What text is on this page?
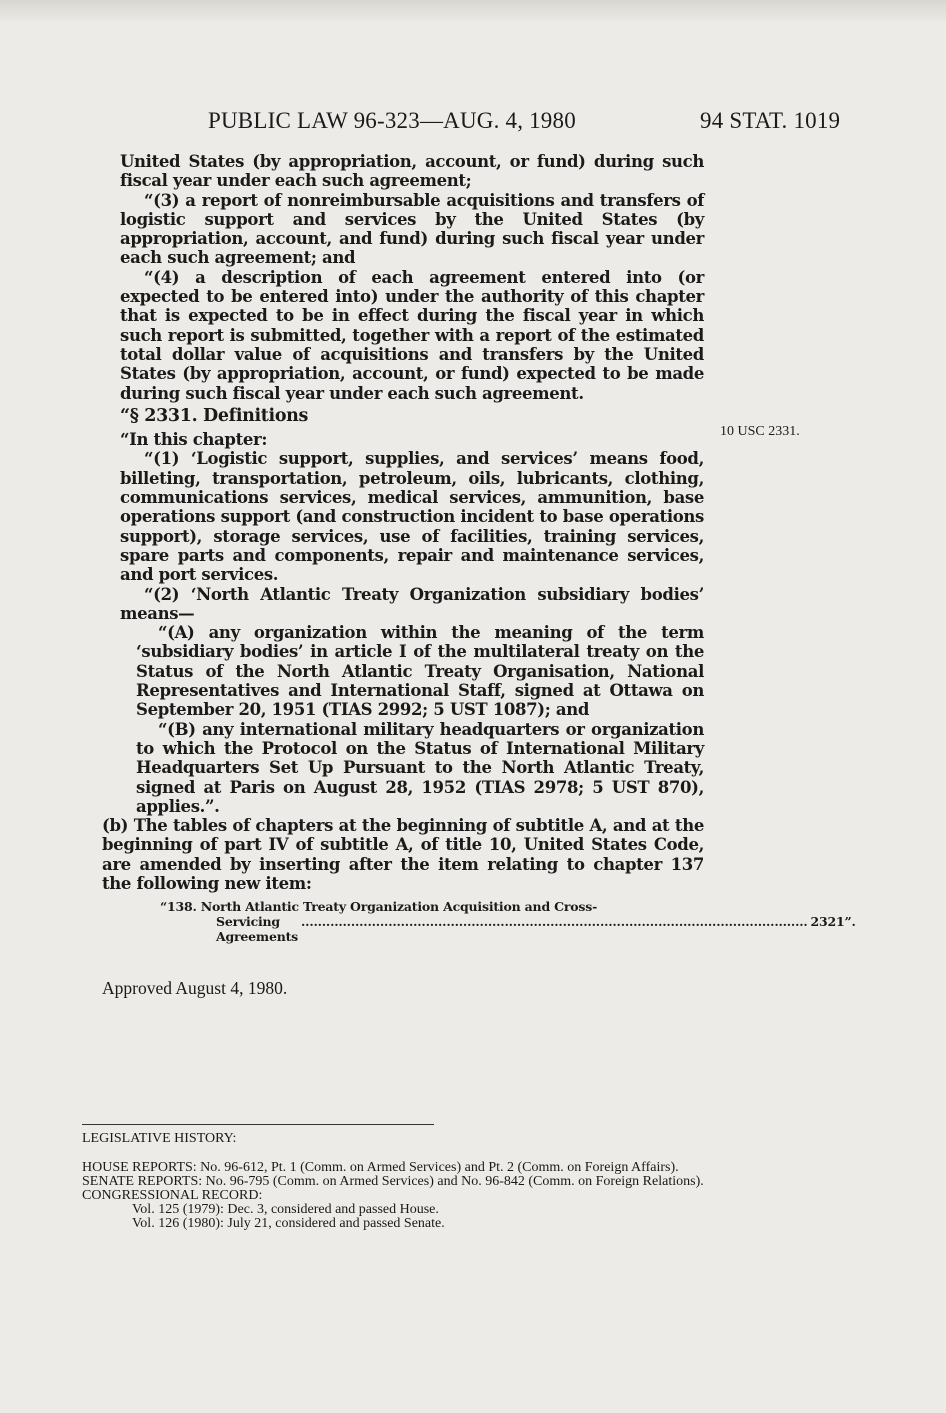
PUBLIC LAW 96-323—AUG. 4, 1980	94 STAT. 1019

United States (by appropriation, account, or fund) during such fiscal year under each such agreement;

“(3) a report of nonreimbursable acquisitions and transfers of logistic support and services by the United States (by appropriation, account, and fund) during such fiscal year under each such agreement; and

“(4) a description of each agreement entered into (or expected to be entered into) under the authority of this chapter that is expected to be in effect during the fiscal year in which such report is submitted, together with a report of the estimated total dollar value of acquisitions and transfers by the United States (by appropriation, account, or fund) expected to be made during such fiscal year under each such agreement.

“§ 2331. Definitions

“In this chapter:

“(1) ‘Logistic support, supplies, and services’ means food, billeting, transportation, petroleum, oils, lubricants, clothing, communications services, medical services, ammunition, base operations support (and construction incident to base operations support), storage services, use of facilities, training services, spare parts and components, repair and maintenance services, and port services.

“(2) ‘North Atlantic Treaty Organization subsidiary bodies’ means—

“(A) any organization within the meaning of the term ‘subsidiary bodies’ in article I of the multilateral treaty on the Status of the North Atlantic Treaty Organisation, National Representatives and International Staff, signed at Ottawa on September 20, 1951 (TIAS 2992; 5 UST 1087); and

“(B) any international military headquarters or organization to which the Protocol on the Status of International Military Headquarters Set Up Pursuant to the North Atlantic Treaty, signed at Paris on August 28, 1952 (TIAS 2978; 5 UST 870), applies.”.

(b) The tables of chapters at the beginning of subtitle A, and at the beginning of part IV of subtitle A, of title 10, United States Code, are amended by inserting after the item relating to chapter 137 the following new item:

“138. North Atlantic Treaty Organization Acquisition and Cross-
Servicing Agreements
.......................................................................................................................... 2321”.
10 USC 2331.
Approved August 4, 1980.
LEGISLATIVE HISTORY:
HOUSE REPORTS: No. 96-612, Pt. 1 (Comm. on Armed Services) and Pt. 2 (Comm. on Foreign Affairs).
SENATE REPORTS: No. 96-795 (Comm. on Armed Services) and No. 96-842 (Comm. on Foreign Relations).
CONGRESSIONAL RECORD:
Vol. 125 (1979): Dec. 3, considered and passed House.
Vol. 126 (1980): July 21, considered and passed Senate.
